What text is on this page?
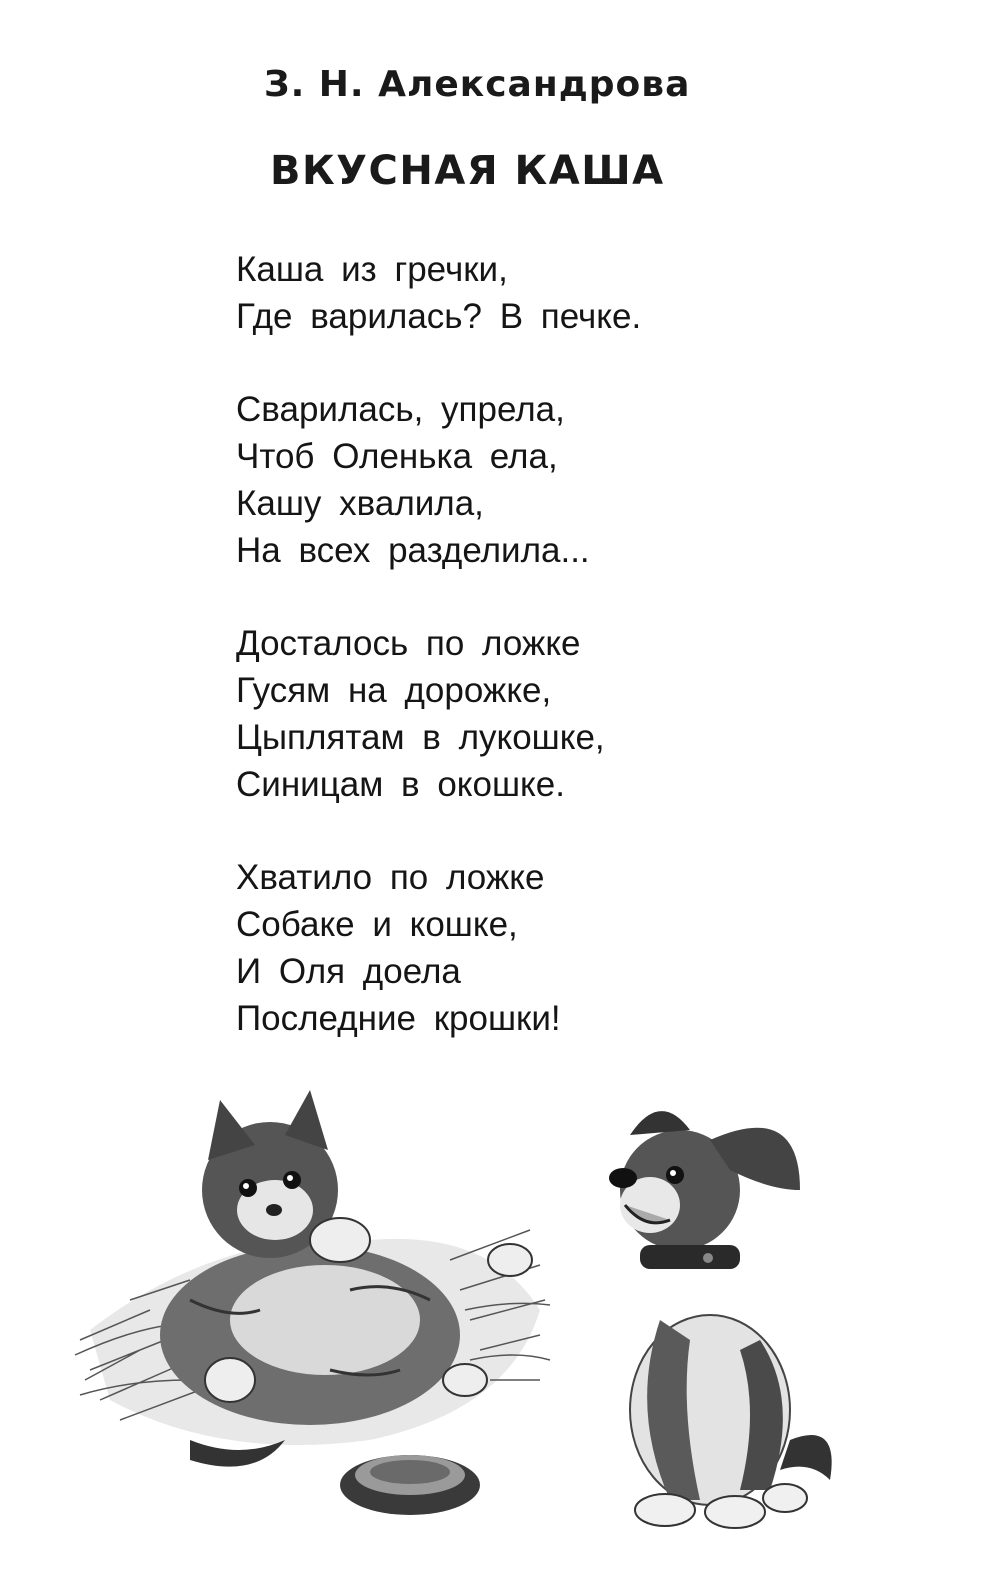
З. Н. Александрова
ВКУСНАЯ КАША
Каша из гречки,
Где варилась? В печке.
Сварилась, упрела,
Чтоб Оленька ела,
Кашу хвалила,
На всех разделила...
Досталось по ложке
Гусям на дорожке,
Цыплятам в лукошке,
Синицам в окошке.
Хватило по ложке
Собаке и кошке,
И Оля доела
Последние крошки!
